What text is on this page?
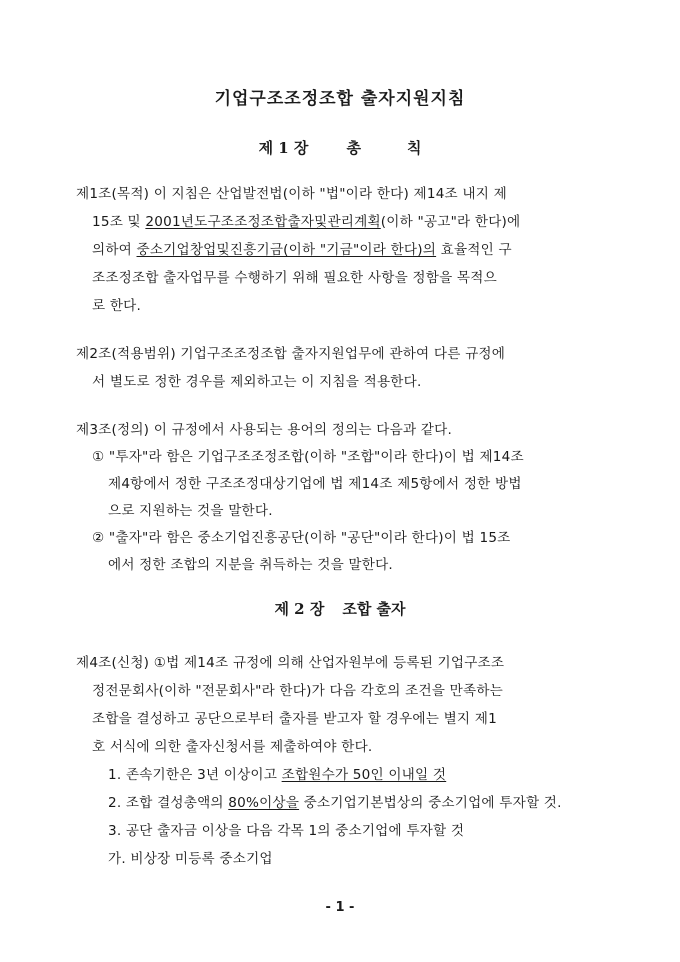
기업구조조정조합 출자지원지침
제 1 장	총	칙
제1조(목적) 이 지침은 산업발전법(이하 "법"이라 한다) 제14조 내지 제
15조 및 2001년도구조조정조합출자및관리계획(이하 "공고"라 한다)에
의하여 중소기업창업및진흥기금(이하 "기금"이라 한다)의 효율적인 구
조조정조합 출자업무를 수행하기 위해 필요한 사항을 정함을 목적으
로 한다.
제2조(적용범위) 기업구조조정조합 출자지원업무에 관하여 다른 규정에
서 별도로 정한 경우를 제외하고는 이 지침을 적용한다.
제3조(정의) 이 규정에서 사용되는 용어의 정의는 다음과 같다.
① "투자"라 함은 기업구조조정조합(이하 "조합"이라 한다)이 법 제14조
제4항에서 정한 구조조정대상기업에 법 제14조 제5항에서 정한 방법
으로 지원하는 것을 말한다.
② "출자"라 함은 중소기업진흥공단(이하 "공단"이라 한다)이 법 15조
에서 정한 조합의 지분을 취득하는 것을 말한다.
제 2 장 조합 출자
제4조(신청) ①법 제14조 규정에 의해 산업자원부에 등록된 기업구조조
정전문회사(이하 "전문회사"라 한다)가 다음 각호의 조건을 만족하는
조합을 결성하고 공단으로부터 출자를 받고자 할 경우에는 별지 제1
호 서식에 의한 출자신청서를 제출하여야 한다.
1. 존속기한은 3년 이상이고 조합원수가 50인 이내일 것
2. 조합 결성총액의 80%이상을 중소기업기본법상의 중소기업에 투자할 것.
3. 공단 출자금 이상을 다음 각목 1의 중소기업에 투자할 것
가. 비상장 미등록 중소기업
- 1 -
